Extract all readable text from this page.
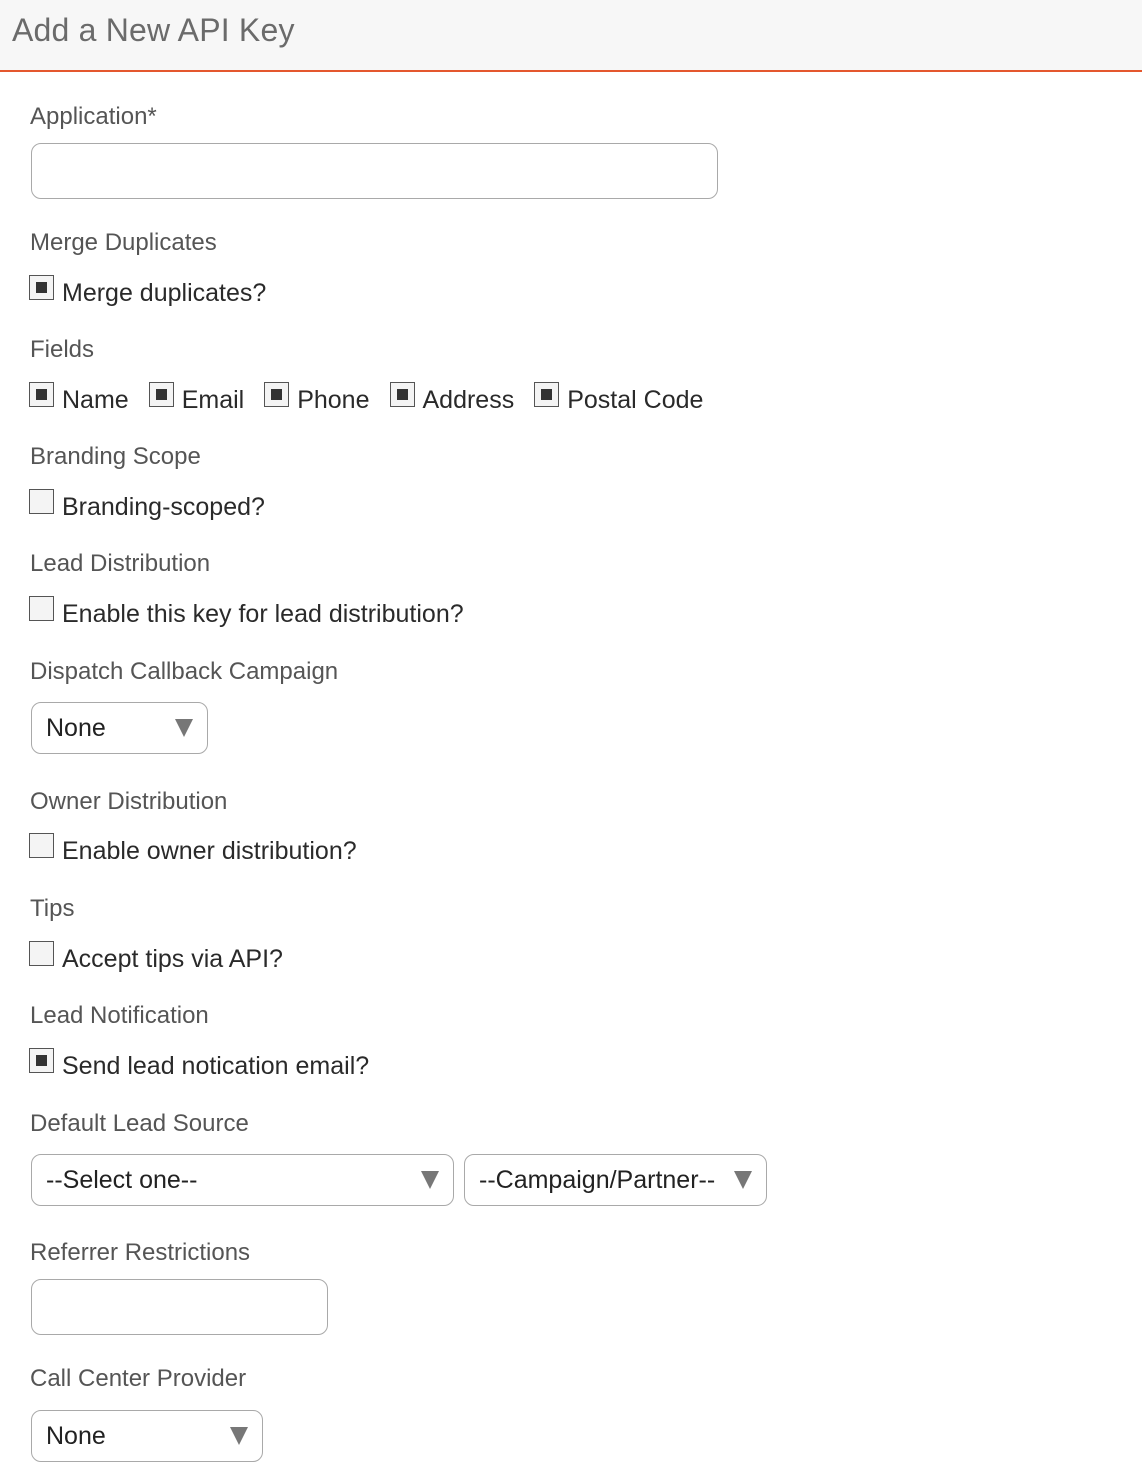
Add a New API Key
Application*
Merge Duplicates
Merge duplicates?
Fields
Name Email Phone Address Postal Code
Branding Scope
Branding-scoped?
Lead Distribution
Enable this key for lead distribution?
Dispatch Callback Campaign
None
Owner Distribution
Enable owner distribution?
Tips
Accept tips via API?
Lead Notification
Send lead notication email?
Default Lead Source
--Select one--	--Campaign/Partner--
Referrer Restrictions
Call Center Provider
None
